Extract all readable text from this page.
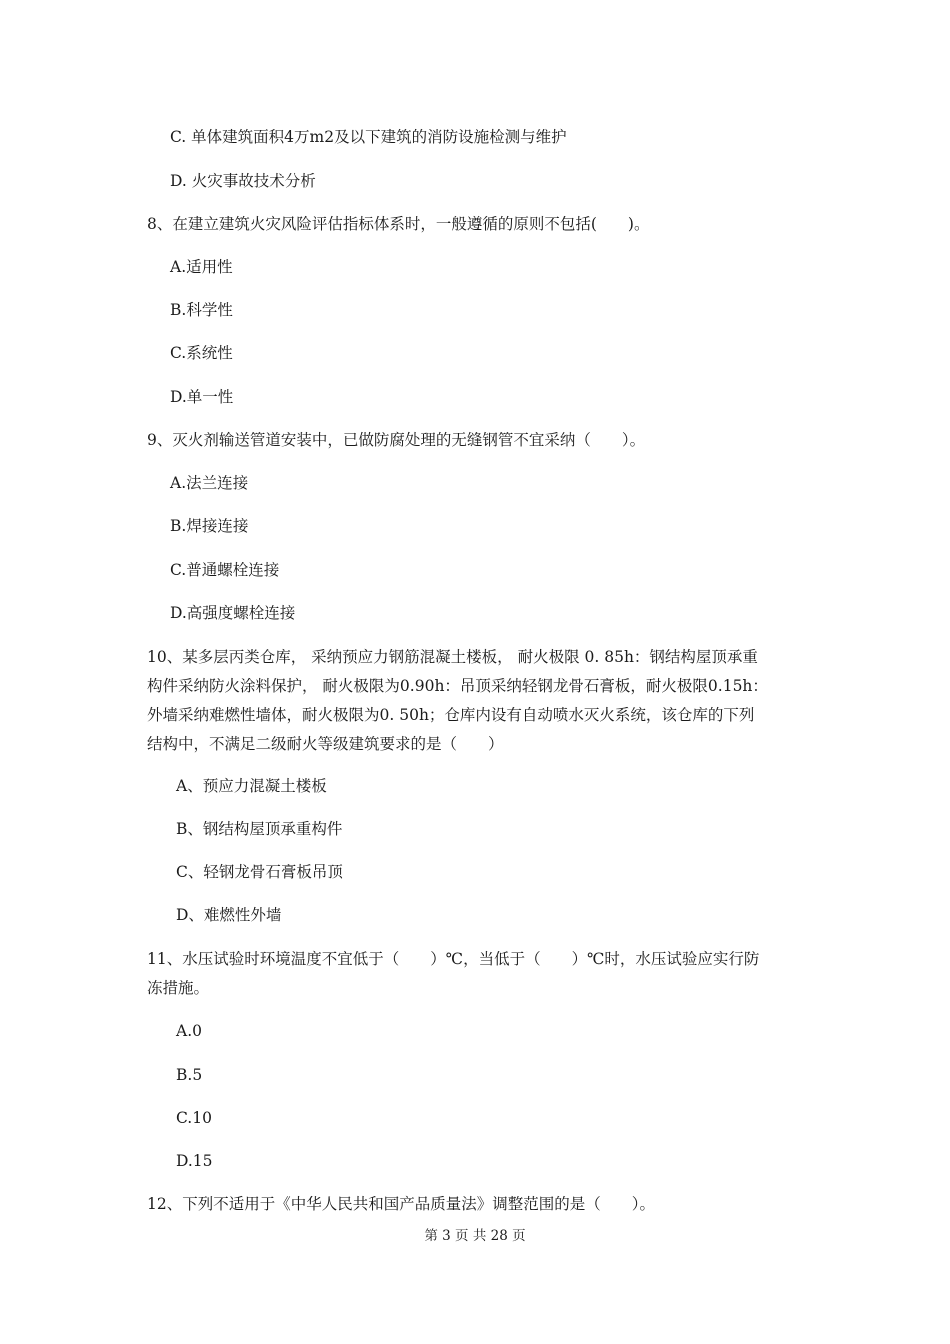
C. 单体建筑面积4万m2及以下建筑的消防设施检测与维护
D. 火灾事故技术分析
8、在建立建筑火灾风险评估指标体系时，一般遵循的原则不包括(　　)。
A.适用性
B.科学性
C.系统性
D.单一性
9、灭火剂输送管道安装中，已做防腐处理的无缝钢管不宜采纳（　　）。
A.法兰连接
B.焊接连接
C.普通螺栓连接
D.高强度螺栓连接
10、某多层丙类仓库， 采纳预应力钢筋混凝土楼板， 耐火极限 0. 85h：钢结构屋顶承重
构件采纳防火涂料保护， 耐火极限为0.90h：吊顶采纳轻钢龙骨石膏板，耐火极限0.15h：
外墙采纳难燃性墙体，耐火极限为0. 50h；仓库内设有自动喷水灭火系统，该仓库的下列
结构中，不满足二级耐火等级建筑要求的是（　　）
A、预应力混凝土楼板
B、钢结构屋顶承重构件
C、轻钢龙骨石膏板吊顶
D、难燃性外墙
11、水压试验时环境温度不宜低于（　　）℃，当低于（　　）℃时，水压试验应实行防
冻措施。
A.0
B.5
C.10
D.15
12、下列不适用于《中华人民共和国产品质量法》调整范围的是（　　）。
第 3 页 共 28 页
